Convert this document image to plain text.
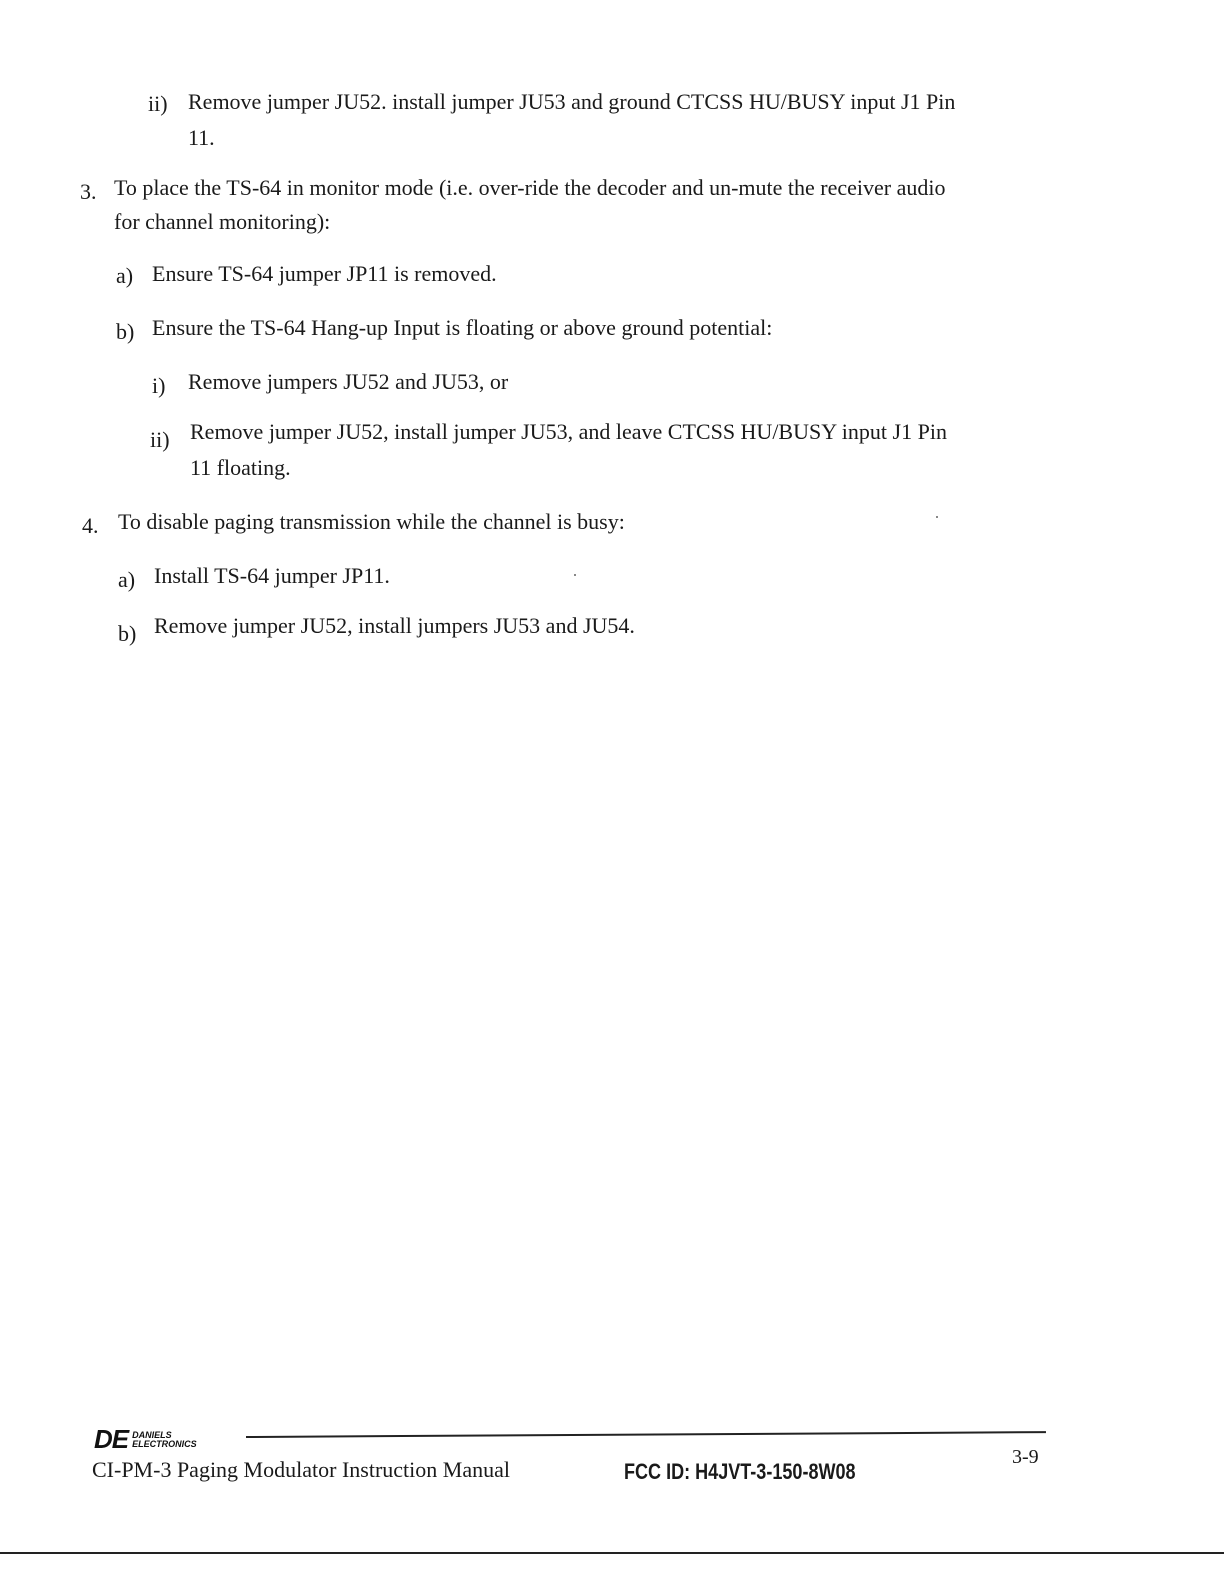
ii) Remove jumper JU52. install jumper JU53 and ground CTCSS HU/BUSY input J1 Pin
11.
3. To place the TS-64 in monitor mode (i.e. over-ride the decoder and un-mute the receiver audio
for channel monitoring):
a) Ensure TS-64 jumper JP11 is removed.
b) Ensure the TS-64 Hang-up Input is floating or above ground potential:
i) Remove jumpers JU52 and JU53, or
ii) Remove jumper JU52, install jumper JU53, and leave CTCSS HU/BUSY input J1 Pin
11 floating.
4. To disable paging transmission while the channel is busy:
a) Install TS-64 jumper JP11.
b) Remove jumper JU52, install jumpers JU53 and JU54.
DE DANIELS
ELECTRONICS
CI-PM-3 Paging Modulator Instruction Manual	FCC ID: H4JVT-3-150-8W08
3-9
